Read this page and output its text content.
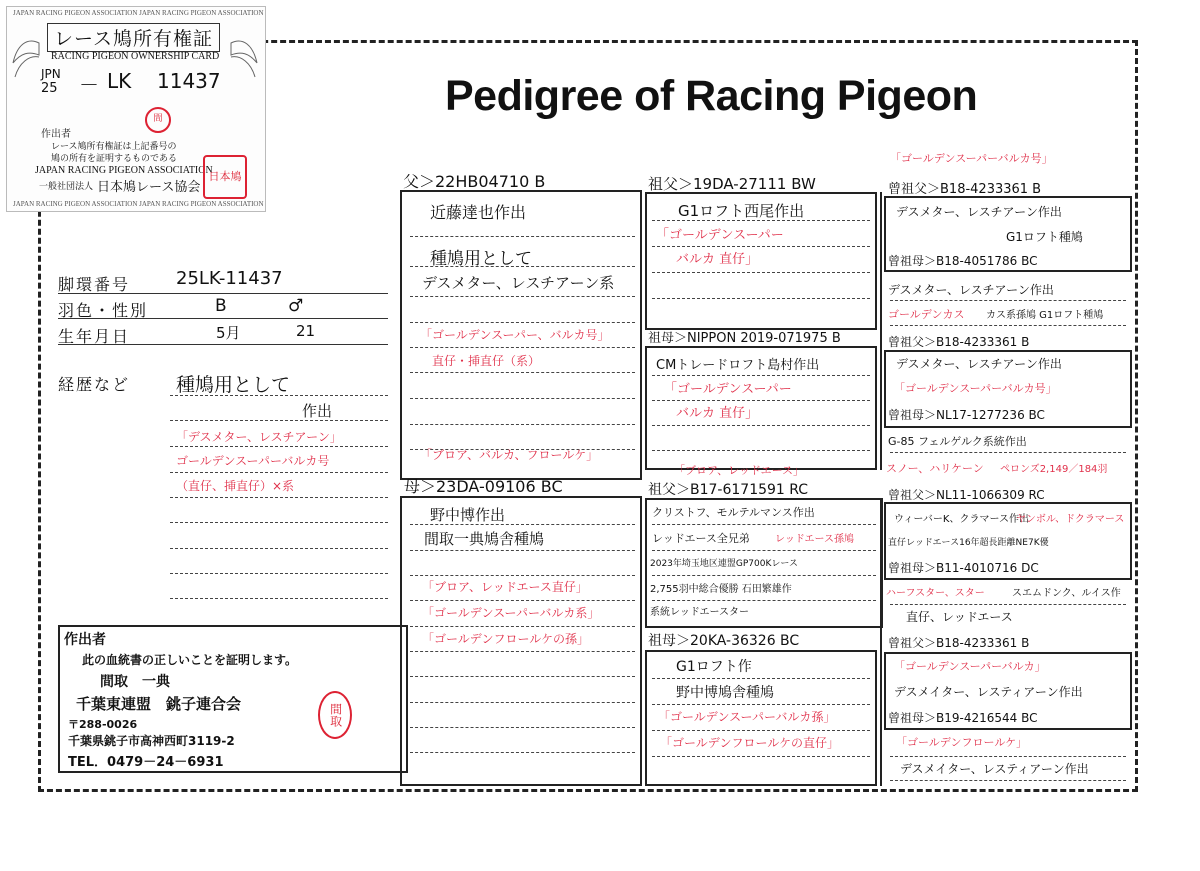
Pedigree of Racing Pigeon
JAPAN RACING PIGEON ASSOCIATION JAPAN RACING PIGEON ASSOCIATION
JAPAN RACING PIGEON ASSOCIATION JAPAN RACING PIGEON ASSOCIATION
レース鳩所有権証
RACING PIGEON OWNERSHIP CARD
JPN
25 － LK 11437
間
作出者
レース鳩所有権証は上記番号の
鳩の所有を証明するものである
JAPAN RACING PIGEON ASSOCIATION
一般社団法人 日本鳩レース協会
日本鳩
脚環番号	25LK-11437
羽色・性別	B	♂
生年月日	5月	21
経歴など 種鳩用として
作出
「デスメター、レスチアーン」
ゴールデンスーパーバルカ号
（直仔、挿直仔）×系
作出者
此の血統書の正しいことを証明します。
間取　一典
千葉東連盟　銚子連合会
〒288-0026
千葉県銚子市高神西町3119-2
TEL．0479－24－6931
間取
父＞22HB04710 B
近藤達也作出
種鳩用として
デスメター、レスチアーン系
「ゴールデンスーパー、バルカ号」
直仔・挿直仔（系）
「ブロア、バルカ、フロールケ」
母＞23DA-09106 BC
野中博作出
間取一典鳩舎種鳩
「ブロア、レッドエース直仔」
「ゴールデンスーパーバルカ系」
「ゴールデンフロールケの孫」
祖父＞19DA-27111 BW
G1ロフト西尾作出
「ゴールデンスーパー
バルカ 直仔」
祖母＞NIPPON 2019-071975 B
CMトレードロフト島村作出
「ゴールデンスーパー
バルカ 直仔」
「ブロア、レッドエース」
祖父＞B17-6171591 RC
クリストフ、モルテルマンス作出
レッドエース全兄弟	レッドエース孫鳩
2023年埼玉地区連盟GP700Kレース
2,755羽中総合優勝 石田繁雄作
系統レッドエースター
祖母＞20KA-36326 BC
G1ロフト作
野中博鳩舎種鳩
「ゴールデンスーパーバルカ孫」
「ゴールデンフロールケの直仔」
「ゴールデンスーパーバルカ号」
曾祖父＞B18-4233361 B
デスメター、レスチアーン作出
G1ロフト種鳩
曾祖母＞B18-4051786 BC
デスメター、レスチアーン作出
ゴールデンカス カス系孫鳩 G1ロフト種鳩
曾祖父＞B18-4233361 B
デスメター、レスチアーン作出
「ゴールデンスーパーバルカ号」
曾祖母＞NL17-1277236 BC
G-85 フェルゲルク系統作出
スノー、ハリケーン ペロンズ2,149／184羽
曾祖父＞NL11-1066309 RC
ウィーバーK、クラマース作出
ヤンボル、ドクラマース
直仔レッドエース16年超長距離NE7K優
曾祖母＞B11-4010716 DC
ハーフスター、スター	スエムドンク、ルイス作
直仔、レッドエース
曾祖父＞B18-4233361 B
「ゴールデンスーパーバルカ」
デスメイター、レスティアーン作出
曾祖母＞B19-4216544 BC
「ゴールデンフロールケ」
デスメイター、レスティアーン作出
